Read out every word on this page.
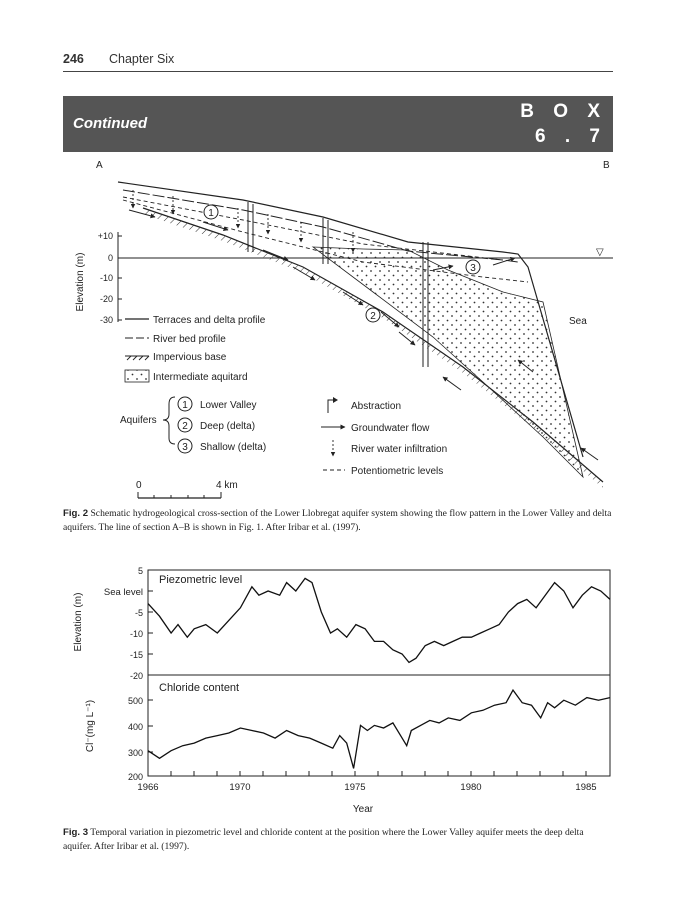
246 Chapter Six
Continued
B O X
6 . 7
A	B
▽
Sea
1
2
3
Elevation (m)
+10
0
-10
-20
-30	Terraces and delta profile
River bed profile
Impervious base
Intermediate aquitard
Aquifers
1 Lower Valley
2 Deep (delta)
3 Shallow (delta)
Abstraction
Groundwater flow
River water infiltration
Potentiometric levels
0	4 km
Fig. 2 Schematic hydrogeological cross-section of the Lower Llobregat aquifer system showing the flow pattern in the Lower Valley and delta aquifers. The line of section A–B is shown in Fig. 1. After Iribar et al. (1997).
Piezometric level
Chloride content
Elevation (m)
5
Sea level
-5
-10
-15
-20
Cl⁻(mg L⁻¹)	500
400
300
200
1966	1970	1975	1980	1985
Year
Fig. 3 Temporal variation in piezometric level and chloride content at the position where the Lower Valley aquifer meets the deep delta aquifer. After Iribar et al. (1997).
